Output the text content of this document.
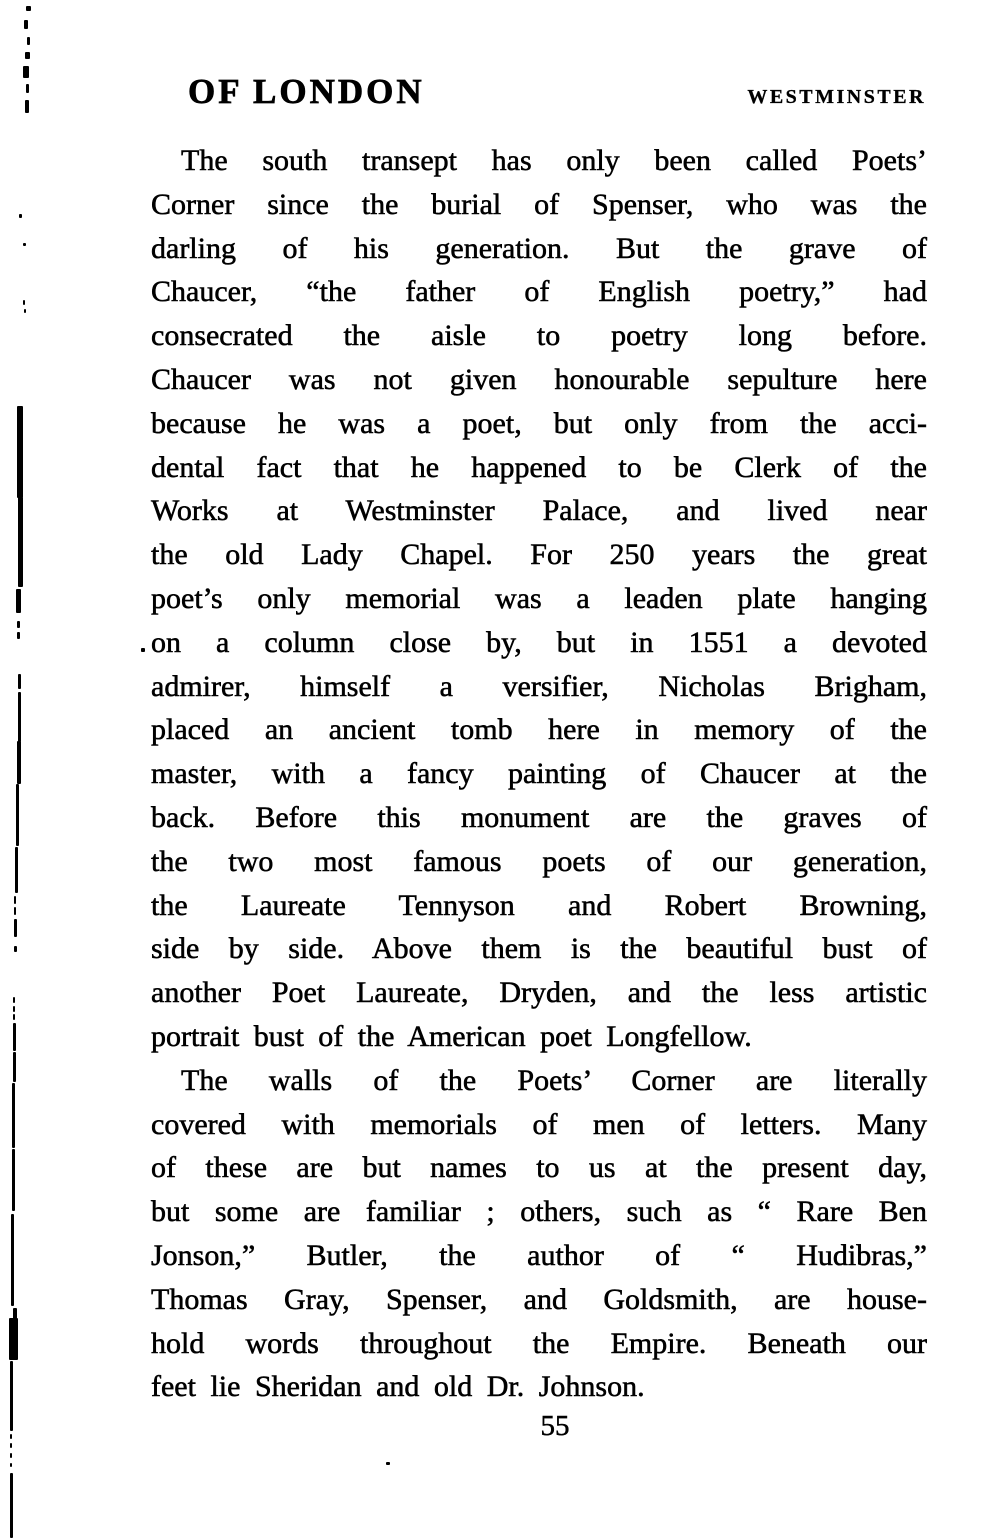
OF LONDON	WESTMINSTER
The south transept has only been called Poets’
Corner since the burial of Spenser, who was the
darling of his generation. But the grave of
Chaucer, “the father of English poetry,” had
consecrated the aisle to poetry long before.
Chaucer was not given honourable sepulture here
because he was a poet, but only from the acci-
dental fact that he happened to be Clerk of the
Works at Westminster Palace, and lived near
the old Lady Chapel. For 250 years the great
poet’s only memorial was a leaden plate hanging
on a column close by, but in 1551 a devoted
admirer, himself a versifier, Nicholas Brigham,
placed an ancient tomb here in memory of the
master, with a fancy painting of Chaucer at the
back. Before this monument are the graves of
the two most famous poets of our generation,
the Laureate Tennyson and Robert Browning,
side by side. Above them is the beautiful bust of
another Poet Laureate, Dryden, and the less artistic
portrait bust of the American poet Longfellow.
The walls of the Poets’ Corner are literally
covered with memorials of men of letters. Many
of these are but names to us at the present day,
but some are familiar ; others, such as “ Rare Ben
Jonson,” Butler, the author of “ Hudibras,”
Thomas Gray, Spenser, and Goldsmith, are house-
hold words throughout the Empire. Beneath our
feet lie Sheridan and old Dr. Johnson.
55
